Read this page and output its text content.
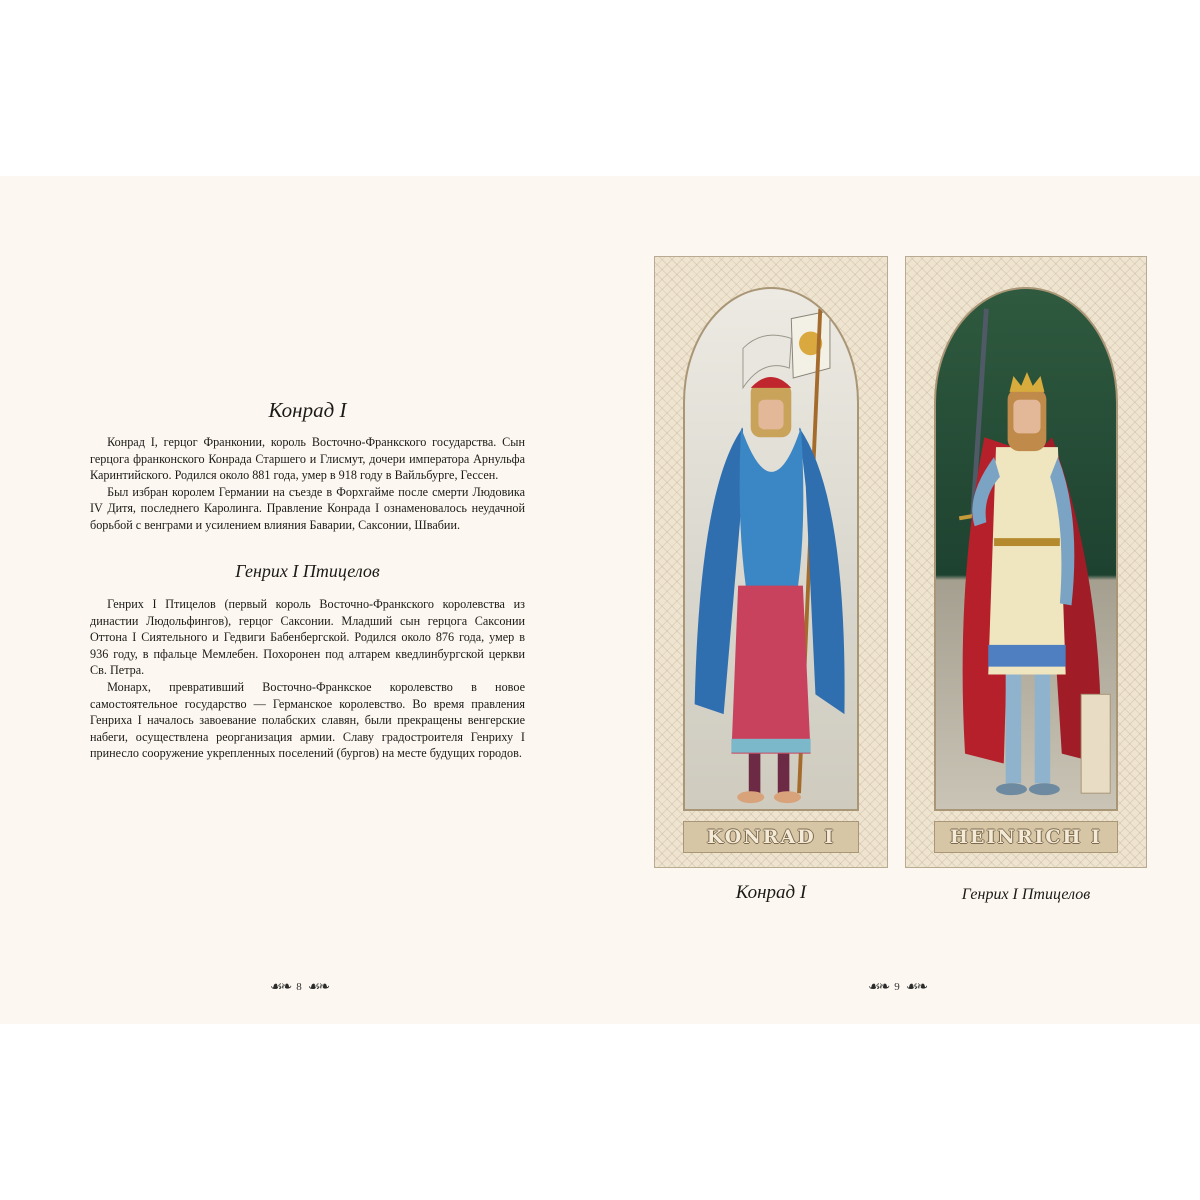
Конрад I

Конрад I, герцог Франконии, король Восточно-Франкского государства. Сын герцога франконского Конрада Старшего и Глисмут, дочери императора Арнульфа Каринтийского. Родился около 881 года, умер в 918 году в Вайльбурге, Гессен.

Был избран королем Германии на съезде в Форхгайме после смерти Людовика IV Дитя, последнего Каролинга. Правление Конрада I ознаменовалось неудачной борьбой с венграми и усилением влияния Баварии, Саксонии, Швабии.

Генрих I Птицелов

Генрих I Птицелов (первый король Восточно-Франкского королевства из династии Людольфингов), герцог Саксонии. Младший сын герцога Саксонии Оттона I Сиятельного и Гедвиги Бабенбергской. Родился около 876 года, умер в 936 году, в пфальце Мемлебен. Похоронен под алтарем кведлинбургской церкви Св. Петра.

Монарх, превративший Восточно-Франкское королевство в новое самостоятельное государство — Германское королевство. Во время правления Генриха I началось завоевание полабских славян, были прекращены венгерские набеги, осуществлена реорганизация армии. Славу градостроителя Генриху I принесло сооружение укрепленных поселений (бургов) на месте будущих городов.

☙❧ 8 ☙❧
KONRAD I	HEINRICH I
Конрад I	Генрих I Птицелов
☙❧ 9 ☙❧
